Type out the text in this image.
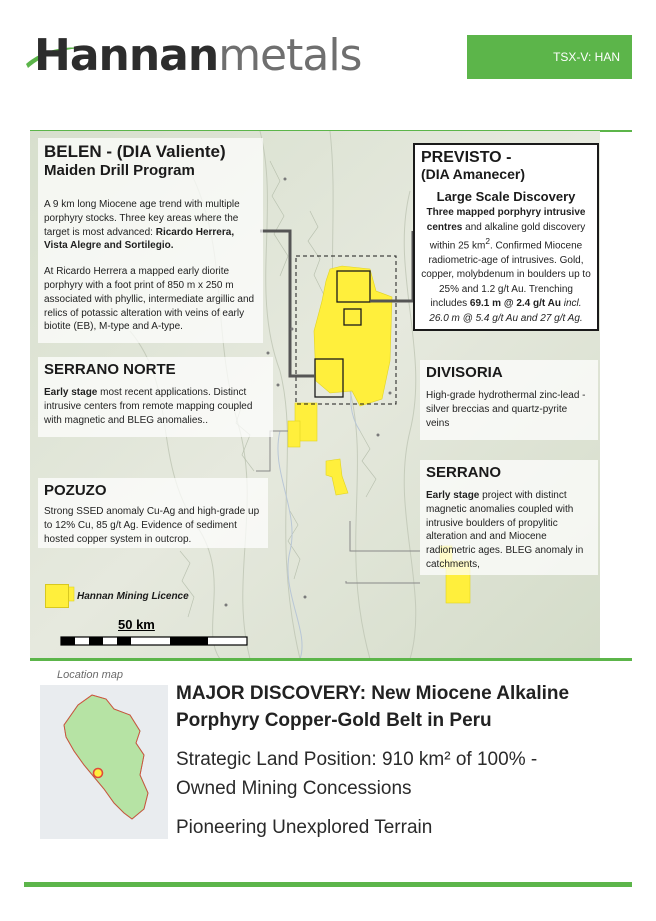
Hannanmetals	TSX-V: HAN
BELEN - (DIA Valiente)
Maiden Drill Program
A 9 km long Miocene age trend with multiple porphyry stocks. Three key areas where the target is most advanced: Ricardo Herrera, Vista Alegre and Sortilegio.
At Ricardo Herrera a mapped early diorite porphyry with a foot print of 850 m x 250 m associated with phyllic, intermediate argillic and relics of potassic alteration with veins of early biotite (EB), M-type and A-type.
SERRANO NORTE
Early stage most recent applications. Distinct intrusive centers from remote mapping coupled with magnetic and BLEG anomalies..
POZUZO
Strong SSED anomaly Cu-Ag and high-grade up to 12% Cu, 85 g/t Ag. Evidence of sediment hosted copper system in outcrop.
PREVISTO -
(DIA Amanecer)
Large Scale Discovery
Three mapped porphyry intrusive centres and alkaline gold discovery within 25 $km^2$. Confirmed Miocene radiometric-age of intrusives. Gold, copper, molybdenum in boulders up to 25% and 1.2 g/t Au. Trenching includes 69.1 m @ 2.4 g/t Au incl. 26.0 m @ 5.4 g/t Au and 27 g/t Ag.
DIVISORIA
High-grade hydrothermal zinc-lead -silver breccias and quartz-pyrite veins
SERRANO
Early stage project with distinct magnetic anomalies coupled with intrusive boulders of propylitic alteration and and Miocene radiometric ages. BLEG anomaly in catchments,
Hannan Mining Licence
50 km
Location map
MAJOR DISCOVERY: New Miocene Alkaline
Porphyry Copper-Gold Belt in Peru
Strategic Land Position: 910 km² of 100% -
Owned Mining Concessions
Pioneering Unexplored Terrain
